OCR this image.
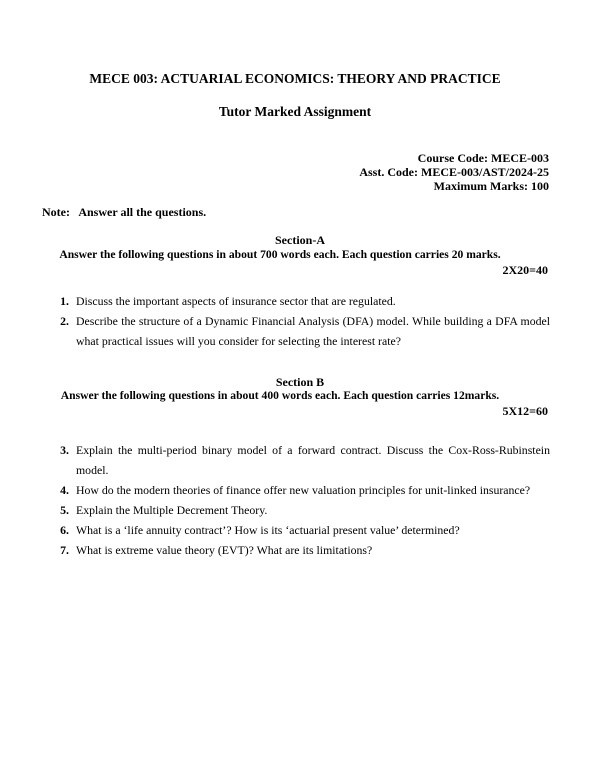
MECE 003: ACTUARIAL ECONOMICS: THEORY AND PRACTICE
Tutor Marked Assignment
Course Code: MECE-003
Asst. Code: MECE-003/AST/2024-25
Maximum Marks: 100
Note: Answer all the questions.
Section-A
Answer the following questions in about 700 words each. Each question carries 20 marks.
2X20=40
1. Discuss the important aspects of insurance sector that are regulated.
2. Describe the structure of a Dynamic Financial Analysis (DFA) model. While building a DFA model what practical issues will you consider for selecting the interest rate?
Section B
Answer the following questions in about 400 words each. Each question carries 12marks.
5X12=60
3. Explain the multi-period binary model of a forward contract. Discuss the Cox-Ross-Rubinstein model.
4. How do the modern theories of finance offer new valuation principles for unit-linked insurance?
5. Explain the Multiple Decrement Theory.
6. What is a ‘life annuity contract’? How is its ‘actuarial present value’ determined?
7. What is extreme value theory (EVT)? What are its limitations?
